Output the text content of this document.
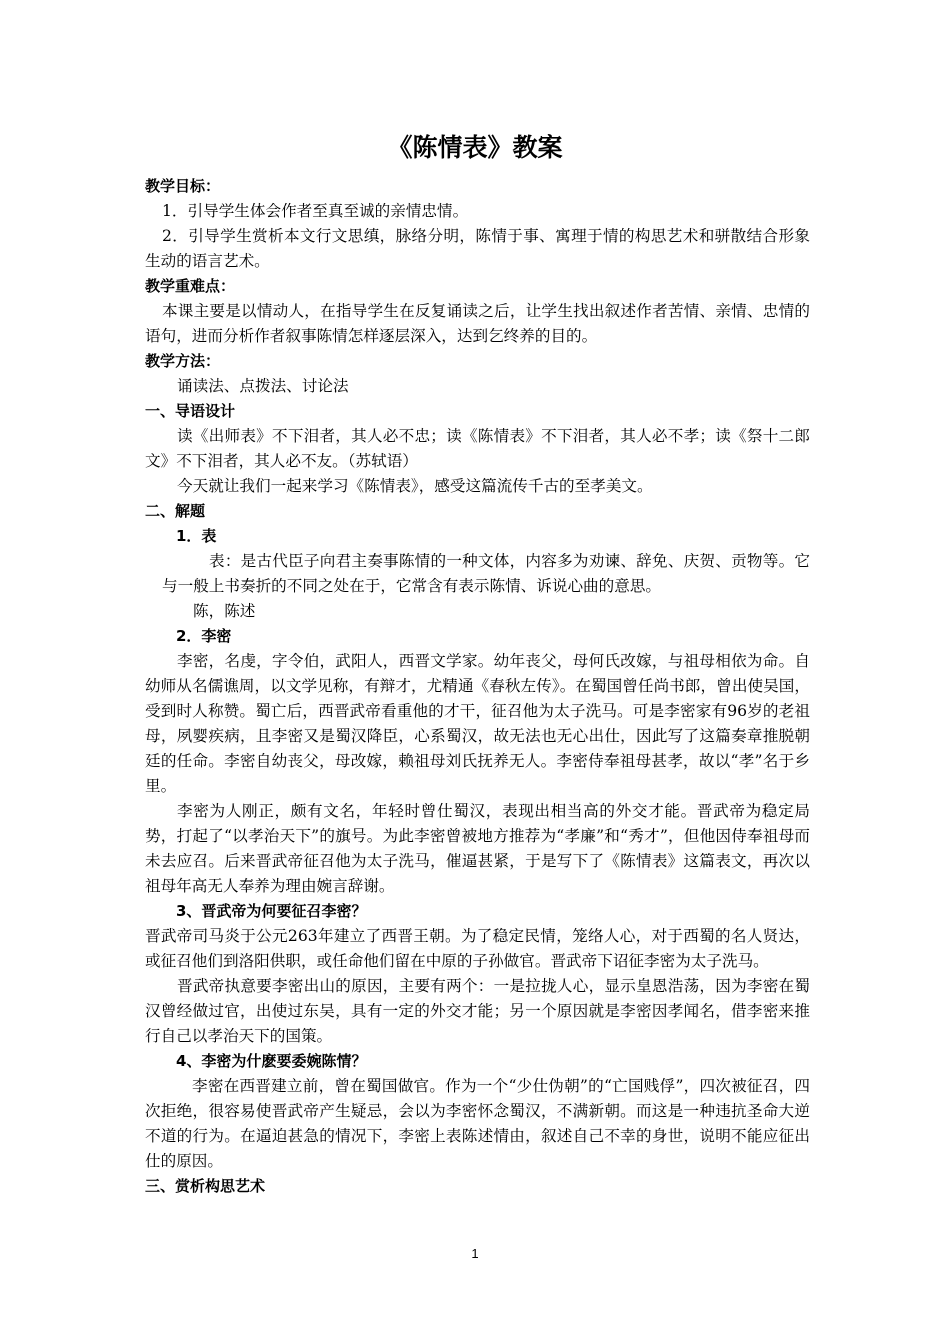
《陈情表》教案

教学目标：

1．引导学生体会作者至真至诚的亲情忠情。

2．引导学生赏析本文行文思缜，脉络分明，陈情于事、寓理于情的构思艺术和骈散结合形象生动的语言艺术。

教学重难点：

本课主要是以情动人，在指导学生在反复诵读之后，让学生找出叙述作者苦情、亲情、忠情的语句，进而分析作者叙事陈情怎样逐层深入，达到乞终养的目的。

教学方法：

诵读法、点拨法、讨论法

一、导语设计

读《出师表》不下泪者，其人必不忠；读《陈情表》不下泪者，其人必不孝；读《祭十二郎文》不下泪者，其人必不友。（苏轼语）

今天就让我们一起来学习《陈情表》，感受这篇流传千古的至孝美文。

二、解题

1．表

表：是古代臣子向君主奏事陈情的一种文体，内容多为劝谏、辞免、庆贺、贡物等。它与一般上书奏折的不同之处在于，它常含有表示陈情、诉说心曲的意思。

陈，陈述

2．李密

李密，名虔，字令伯，武阳人，西晋文学家。幼年丧父，母何氏改嫁，与祖母相依为命。自幼师从名儒谯周，以文学见称，有辩才，尤精通《春秋左传》。在蜀国曾任尚书郎，曾出使吴国，受到时人称赞。蜀亡后，西晋武帝看重他的才干，征召他为太子洗马。可是李密家有96岁的老祖母，夙婴疾病，且李密又是蜀汉降臣，心系蜀汉，故无法也无心出仕，因此写了这篇奏章推脱朝廷的任命。李密自幼丧父，母改嫁，赖祖母刘氏抚养无人。李密侍奉祖母甚孝，故以“孝”名于乡里。

李密为人刚正，颇有文名，年轻时曾仕蜀汉，表现出相当高的外交才能。晋武帝为稳定局势，打起了“以孝治天下”的旗号。为此李密曾被地方推荐为“孝廉”和“秀才”，但他因侍奉祖母而未去应召。后来晋武帝征召他为太子洗马，催逼甚紧，于是写下了《陈情表》这篇表文，再次以祖母年高无人奉养为理由婉言辞谢。

3、晋武帝为何要征召李密？

晋武帝司马炎于公元263年建立了西晋王朝。为了稳定民情，笼络人心，对于西蜀的名人贤达，或征召他们到洛阳供职，或任命他们留在中原的子孙做官。晋武帝下诏征李密为太子洗马。

晋武帝执意要李密出山的原因，主要有两个：一是拉拢人心，显示皇恩浩荡，因为李密在蜀汉曾经做过官，出使过东吴，具有一定的外交才能；另一个原因就是李密因孝闻名，借李密来推行自己以孝治天下的国策。

4、李密为什麽要委婉陈情？

李密在西晋建立前，曾在蜀国做官。作为一个“少仕伪朝”的“亡国贱俘”，四次被征召，四次拒绝，很容易使晋武帝产生疑忌，会以为李密怀念蜀汉，不满新朝。而这是一种违抗圣命大逆不道的行为。在逼迫甚急的情况下，李密上表陈述情由，叙述自己不幸的身世，说明不能应征出仕的原因。

三、赏析构思艺术

1
